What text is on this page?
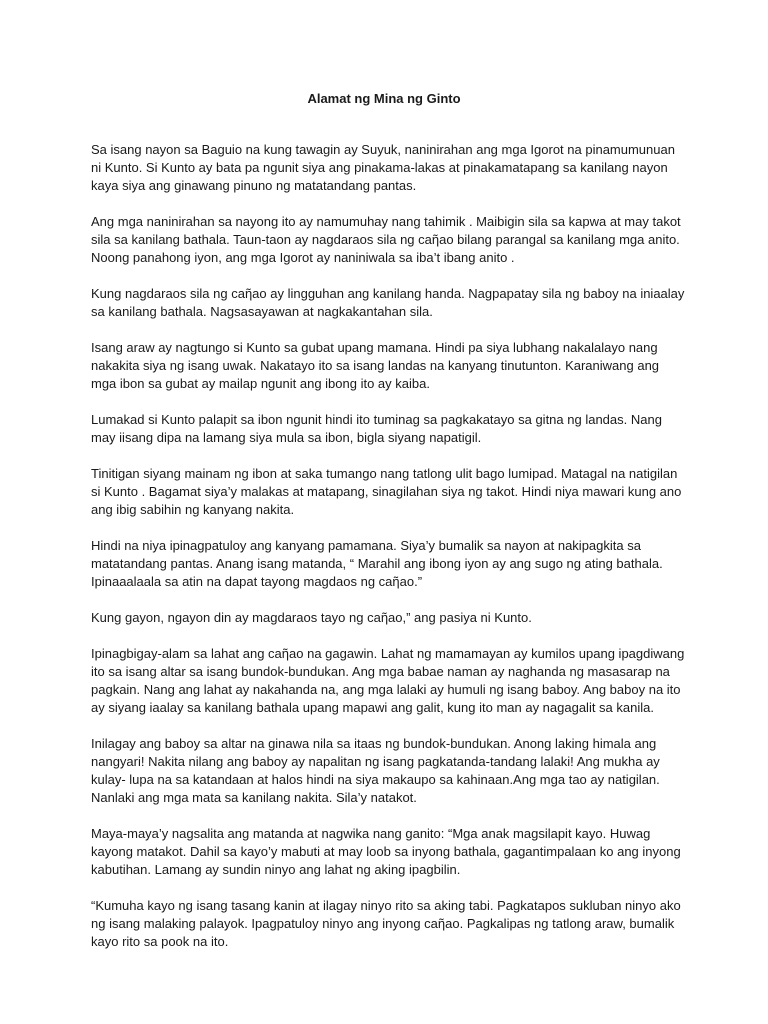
Alamat ng Mina ng Ginto

Sa isang nayon sa Baguio na kung tawagin ay Suyuk, naninirahan ang mga Igorot na pinamumunuan ni Kunto. Si Kunto ay bata pa ngunit siya ang pinakama-lakas at pinakamatapang sa kanilang nayon kaya siya ang ginawang pinuno ng matatandang pantas.

Ang mga naninirahan sa nayong ito ay namumuhay nang tahimik . Maibigin sila sa kapwa at may takot sila sa kanilang bathala. Taun-taon ay nagdaraos sila ng caῆao bilang parangal sa kanilang mga anito. Noong panahong iyon, ang mga Igorot ay naniniwala sa iba’t ibang anito .

Kung nagdaraos sila ng caῆao ay lingguhan ang kanilang handa. Nagpapatay sila ng baboy na iniaalay sa kanilang bathala. Nagsasayawan at nagkakantahan sila.

Isang araw ay nagtungo si Kunto sa gubat upang mamana. Hindi pa siya lubhang nakalalayo nang nakakita siya ng isang uwak. Nakatayo ito sa isang landas na kanyang tinutunton. Karaniwang ang mga ibon sa gubat ay mailap ngunit ang ibong ito ay kaiba.

Lumakad si Kunto palapit sa ibon ngunit hindi ito tuminag sa pagkakatayo sa gitna ng landas. Nang may iisang dipa na lamang siya mula sa ibon, bigla siyang napatigil.

Tinitigan siyang mainam ng ibon at saka tumango nang tatlong ulit bago lumipad. Matagal na natigilan si Kunto . Bagamat siya’y malakas at matapang, sinagilahan siya ng takot. Hindi niya mawari kung ano ang ibig sabihin ng kanyang nakita.

Hindi na niya ipinagpatuloy ang kanyang pamamana. Siya’y bumalik sa nayon at nakipagkita sa matatandang pantas. Anang isang matanda, “ Marahil ang ibong iyon ay ang sugo ng ating bathala. Ipinaaalaala sa atin na dapat tayong magdaos ng caῆao.”

Kung gayon, ngayon din ay magdaraos tayo ng caῆao,” ang pasiya ni Kunto.

Ipinagbigay-alam sa lahat ang caῆao na gagawin. Lahat ng mamamayan ay kumilos upang ipagdiwang ito sa isang altar sa isang bundok-bundukan. Ang mga babae naman ay naghanda ng masasarap na pagkain. Nang ang lahat ay nakahanda na, ang mga lalaki ay humuli ng isang baboy. Ang baboy na ito ay siyang iaalay sa kanilang bathala upang mapawi ang galit, kung ito man ay nagagalit sa kanila.

Inilagay ang baboy sa altar na ginawa nila sa itaas ng bundok-bundukan. Anong laking himala ang nangyari! Nakita nilang ang baboy ay napalitan ng isang pagkatanda-tandang lalaki! Ang mukha ay kulay- lupa na sa katandaan at halos hindi na siya makaupo sa kahinaan.Ang mga tao ay natigilan. Nanlaki ang mga mata sa kanilang nakita. Sila’y natakot.

Maya-maya’y nagsalita ang matanda at nagwika nang ganito: “Mga anak magsilapit kayo. Huwag kayong matakot. Dahil sa kayo’y mabuti at may loob sa inyong bathala, gagantimpalaan ko ang inyong kabutihan. Lamang ay sundin ninyo ang lahat ng aking ipagbilin.

“Kumuha kayo ng isang tasang kanin at ilagay ninyo rito sa aking tabi. Pagkatapos sukluban ninyo ako ng isang malaking palayok. Ipagpatuloy ninyo ang inyong caῆao. Pagkalipas ng tatlong araw, bumalik kayo rito sa pook na ito.
